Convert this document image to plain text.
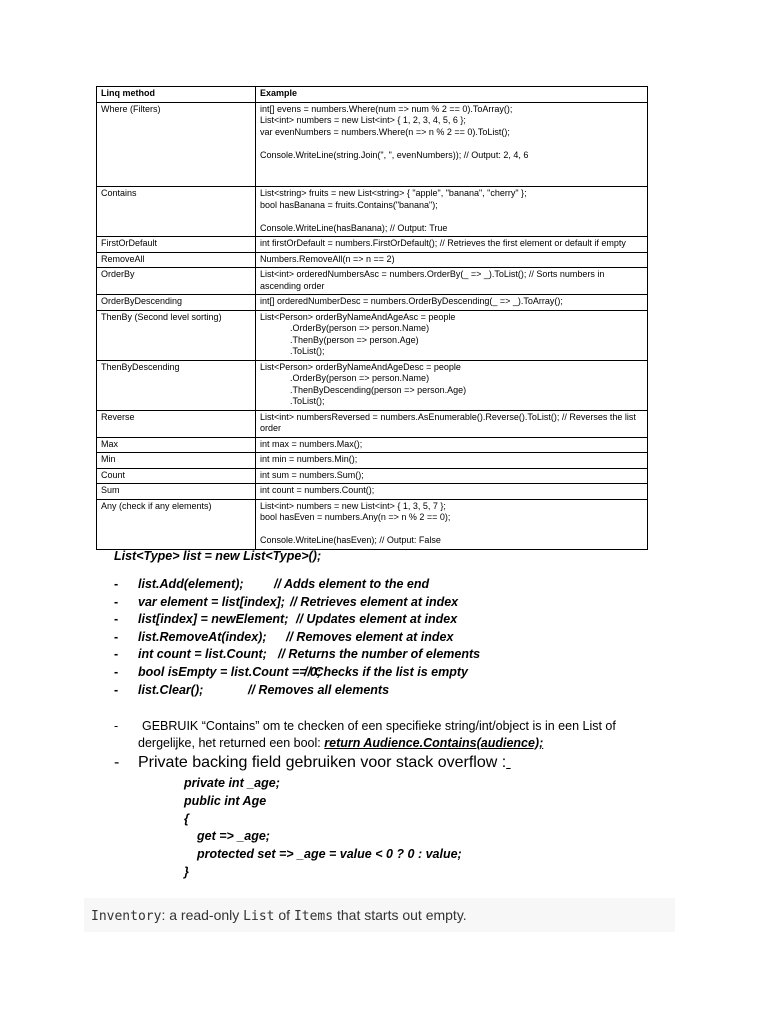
Linq method	Example
Where (Filters)	int[] evens = numbers.Where(num => num % 2 == 0).ToArray();
List<int> numbers = new List<int> { 1, 2, 3, 4, 5, 6 };
var evenNumbers = numbers.Where(n => n % 2 == 0).ToList();
Console.WriteLine(string.Join(", ", evenNumbers)); // Output: 2, 4, 6

Contains	List<string> fruits = new List<string> { "apple", "banana", "cherry" };
bool hasBanana = fruits.Contains("banana");
Console.WriteLine(hasBanana); // Output: True

FirstOrDefault	int firstOrDefault = numbers.FirstOrDefault(); // Retrieves the first element or default if empty

RemoveAll	Numbers.RemoveAll(n => n == 2)

OrderBy	List<int> orderedNumbersAsc = numbers.OrderBy(_ => _).ToList(); // Sorts numbers in ascending order

OrderByDescending	int[] orderedNumberDesc = numbers.OrderByDescending(_ => _).ToArray();

ThenBy (Second level sorting)	List<Person> orderByNameAndAgeAsc = people
.OrderBy(person => person.Name)
.ThenBy(person => person.Age)
.ToList();

ThenByDescending	List<Person> orderByNameAndAgeDesc = people
.OrderBy(person => person.Name)
.ThenByDescending(person => person.Age)
.ToList();

Reverse	List<int> numbersReversed = numbers.AsEnumerable().Reverse().ToList(); // Reverses the list order

Max	int max = numbers.Max();

Min	int min = numbers.Min();

Count	int sum = numbers.Sum();

Sum	int count = numbers.Count();

Any (check if any elements)	List<int> numbers = new List<int> { 1, 3, 5, 7 };
bool hasEven = numbers.Any(n => n % 2 == 0);
Console.WriteLine(hasEven); // Output: False
List<Type> list = new List<Type>();
- list.Add(element); // Adds element to the end
- var element = list[index]; // Retrieves element at index
- list[index] = newElement; // Updates element at index
- list.RemoveAt(index); // Removes element at index
- int count = list.Count; // Returns the number of elements
- bool isEmpty = list.Count == 0;
// Checks if the list is empty
- list.Clear();	// Removes all elements
-	GEBRUIK “Contains” om te checken of een specifieke string/int/object is in een List of dergelijke, het returned een bool: return Audience.Contains(audience);
- Private backing field gebruiken voor stack overflow :
private int _age;
public int Age
{
get => _age;
protected set => _age = value < 0 ? 0 : value;
}
Inventory: a read-only List of Items that starts out empty.
